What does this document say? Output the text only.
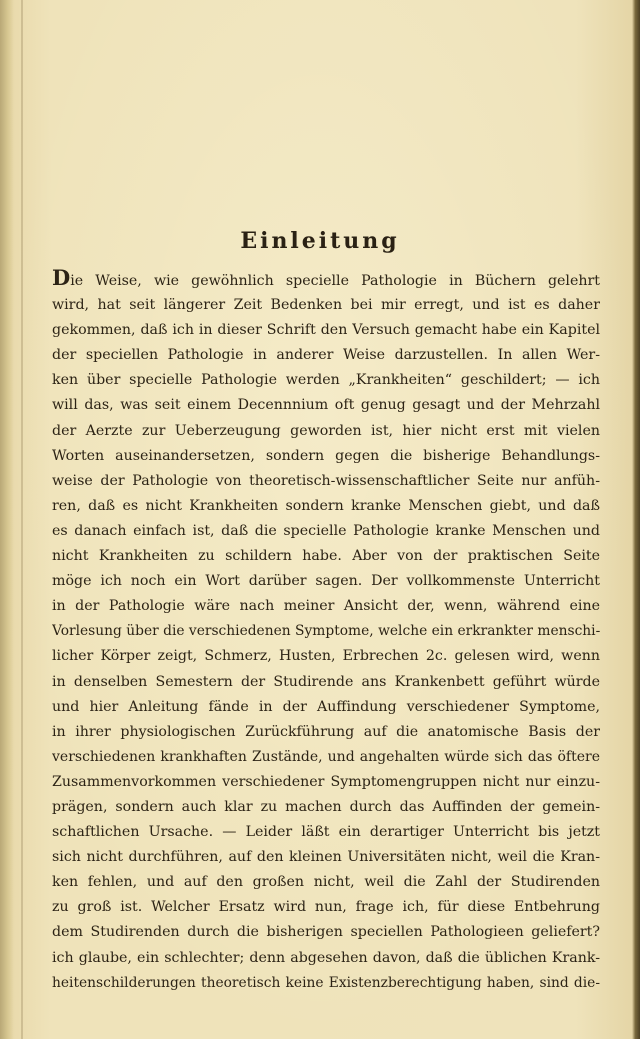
Einleitung
Die Weise, wie gewöhnlich specielle Pathologie in Büchern gelehrt
wird, hat seit längerer Zeit Bedenken bei mir erregt, und ist es daher
gekommen, daß ich in dieser Schrift den Versuch gemacht habe ein Kapitel
der speciellen Pathologie in anderer Weise darzustellen. In allen Wer-
ken über specielle Pathologie werden „Krankheiten“ geschildert; — ich
will das, was seit einem Decennnium oft genug gesagt und der Mehrzahl
der Aerzte zur Ueberzeugung geworden ist, hier nicht erst mit vielen
Worten auseinandersetzen, sondern gegen die bisherige Behandlungs-
weise der Pathologie von theoretisch-wissenschaftlicher Seite nur anfüh-
ren, daß es nicht Krankheiten sondern kranke Menschen giebt, und daß
es danach einfach ist, daß die specielle Pathologie kranke Menschen und
nicht Krankheiten zu schildern habe. Aber von der praktischen Seite
möge ich noch ein Wort darüber sagen. Der vollkommenste Unterricht
in der Pathologie wäre nach meiner Ansicht der, wenn, während eine
Vorlesung über die verschiedenen Symptome, welche ein erkrankter menschi-
licher Körper zeigt, Schmerz, Husten, Erbrechen 2c. gelesen wird, wenn
in denselben Semestern der Studirende ans Krankenbett geführt würde
und hier Anleitung fände in der Auffindung verschiedener Symptome,
in ihrer physiologischen Zurückführung auf die anatomische Basis der
verschiedenen krankhaften Zustände, und angehalten würde sich das öftere
Zusammenvorkommen verschiedener Symptomengruppen nicht nur einzu-
prägen, sondern auch klar zu machen durch das Auffinden der gemein-
schaftlichen Ursache. — Leider läßt ein derartiger Unterricht bis jetzt
sich nicht durchführen, auf den kleinen Universitäten nicht, weil die Kran-
ken fehlen, und auf den großen nicht, weil die Zahl der Studirenden
zu groß ist. Welcher Ersatz wird nun, frage ich, für diese Entbehrung
dem Studirenden durch die bisherigen speciellen Pathologieen geliefert?
ich glaube, ein schlechter; denn abgesehen davon, daß die üblichen Krank-
heitenschilderungen theoretisch keine Existenzberechtigung haben, sind die-
